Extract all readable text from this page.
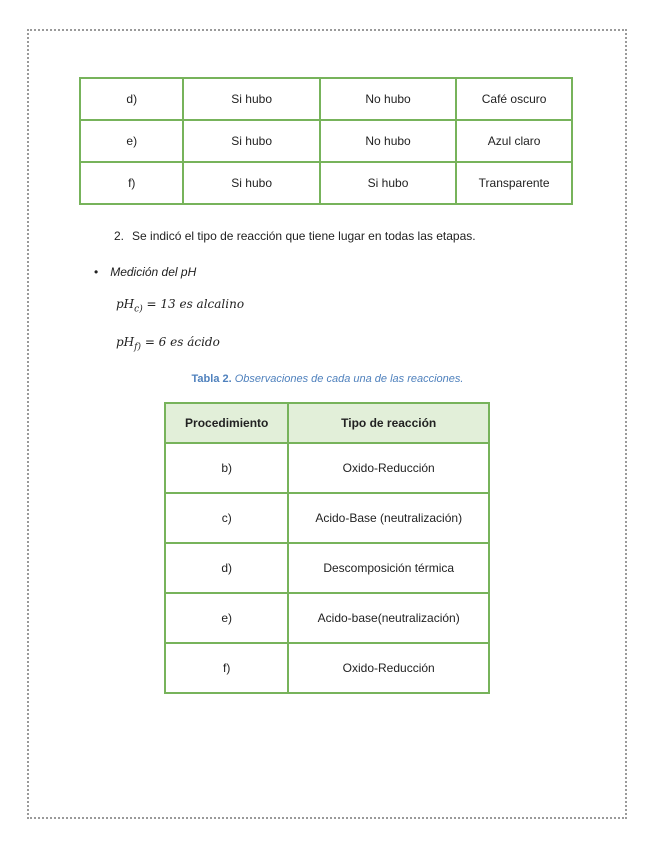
d)	Si hubo	No hubo	Café oscuro
e)	Si hubo	No hubo	Azul claro
f)	Si hubo	Si hubo	Transparente
2. Se indicó el tipo de reacción que tiene lugar en todas las etapas.
• Medición del pH
$pH_{c)} = 13$ es alcalino
$pH_{f)} = 6$ es ácido
Tabla 2. Observaciones de cada una de las reacciones.
Procedimiento	Tipo de reacción
b)	Oxido-Reducción
c)	Acido-Base (neutralización)
d)	Descomposición térmica
e)	Acido-base(neutralización)
f)	Oxido-Reducción
